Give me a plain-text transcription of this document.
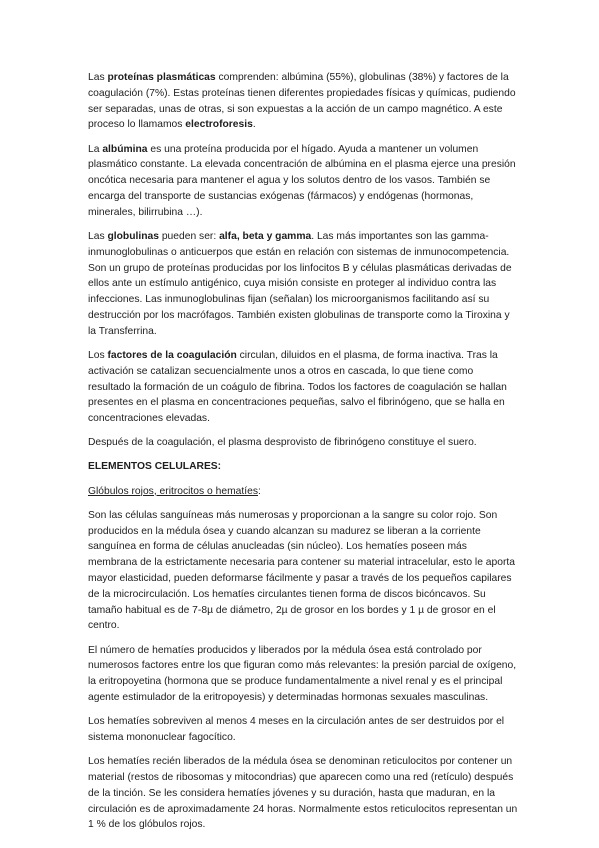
Las proteínas plasmáticas comprenden: albúmina (55%), globulinas (38%) y factores de la coagulación (7%). Estas proteínas tienen diferentes propiedades físicas y químicas, pudiendo ser separadas, unas de otras, si son expuestas a la acción de un campo magnético. A este proceso lo llamamos electroforesis.

La albúmina es una proteína producida por el hígado. Ayuda a mantener un volumen plasmático constante. La elevada concentración de albúmina en el plasma ejerce una presión oncótica necesaria para mantener el agua y los solutos dentro de los vasos. También se encarga del transporte de sustancias exógenas (fármacos) y endógenas (hormonas, minerales, bilirrubina …).

Las globulinas pueden ser: alfa, beta y gamma. Las más importantes son las gamma-inmunoglobulinas o anticuerpos que están en relación con sistemas de inmunocompetencia. Son un grupo de proteínas producidas por los linfocitos B y células plasmáticas derivadas de ellos ante un estímulo antigénico, cuya misión consiste en proteger al individuo contra las infecciones. Las inmunoglobulinas fijan (señalan) los microorganismos facilitando así su destrucción por los macrófagos. También existen globulinas de transporte como la Tiroxina y la Transferrina.

Los factores de la coagulación circulan, diluidos en el plasma, de forma inactiva. Tras la activación se catalizan secuencialmente unos a otros en cascada, lo que tiene como resultado la formación de un coágulo de fibrina. Todos los factores de coagulación se hallan presentes en el plasma en concentraciones pequeñas, salvo el fibrinógeno, que se halla en concentraciones elevadas.

Después de la coagulación, el plasma desprovisto de fibrinógeno constituye el suero.

ELEMENTOS CELULARES:

Glóbulos rojos, eritrocitos o hematíes:

Son las células sanguíneas más numerosas y proporcionan a la sangre su color rojo. Son producidos en la médula ósea y cuando alcanzan su madurez se liberan a la corriente sanguínea en forma de células anucleadas (sin núcleo). Los hematíes poseen más membrana de la estrictamente necesaria para contener su material intracelular, esto le aporta mayor elasticidad, pueden deformarse fácilmente y pasar a través de los pequeños capilares de la microcirculación. Los hematíes circulantes tienen forma de discos bicóncavos. Su tamaño habitual es de 7-8µ de diámetro, 2µ de grosor en los bordes y 1 µ de grosor en el centro.

El número de hematíes producidos y liberados por la médula ósea está controlado por numerosos factores entre los que figuran como más relevantes: la presión parcial de oxígeno, la eritropoyetina (hormona que se produce fundamentalmente a nivel renal y es el principal agente estimulador de la eritropoyesis) y determinadas hormonas sexuales masculinas.

Los hematíes sobreviven al menos 4 meses en la circulación antes de ser destruidos por el sistema mononuclear fagocítico.

Los hematíes recién liberados de la médula ósea se denominan reticulocitos por contener un material (restos de ribosomas y mitocondrias) que aparecen como una red (retículo) después de la tinción. Se les considera hematíes jóvenes y su duración, hasta que maduran, en la circulación es de aproximadamente 24 horas. Normalmente estos reticulocitos representan un 1 % de los glóbulos rojos.
